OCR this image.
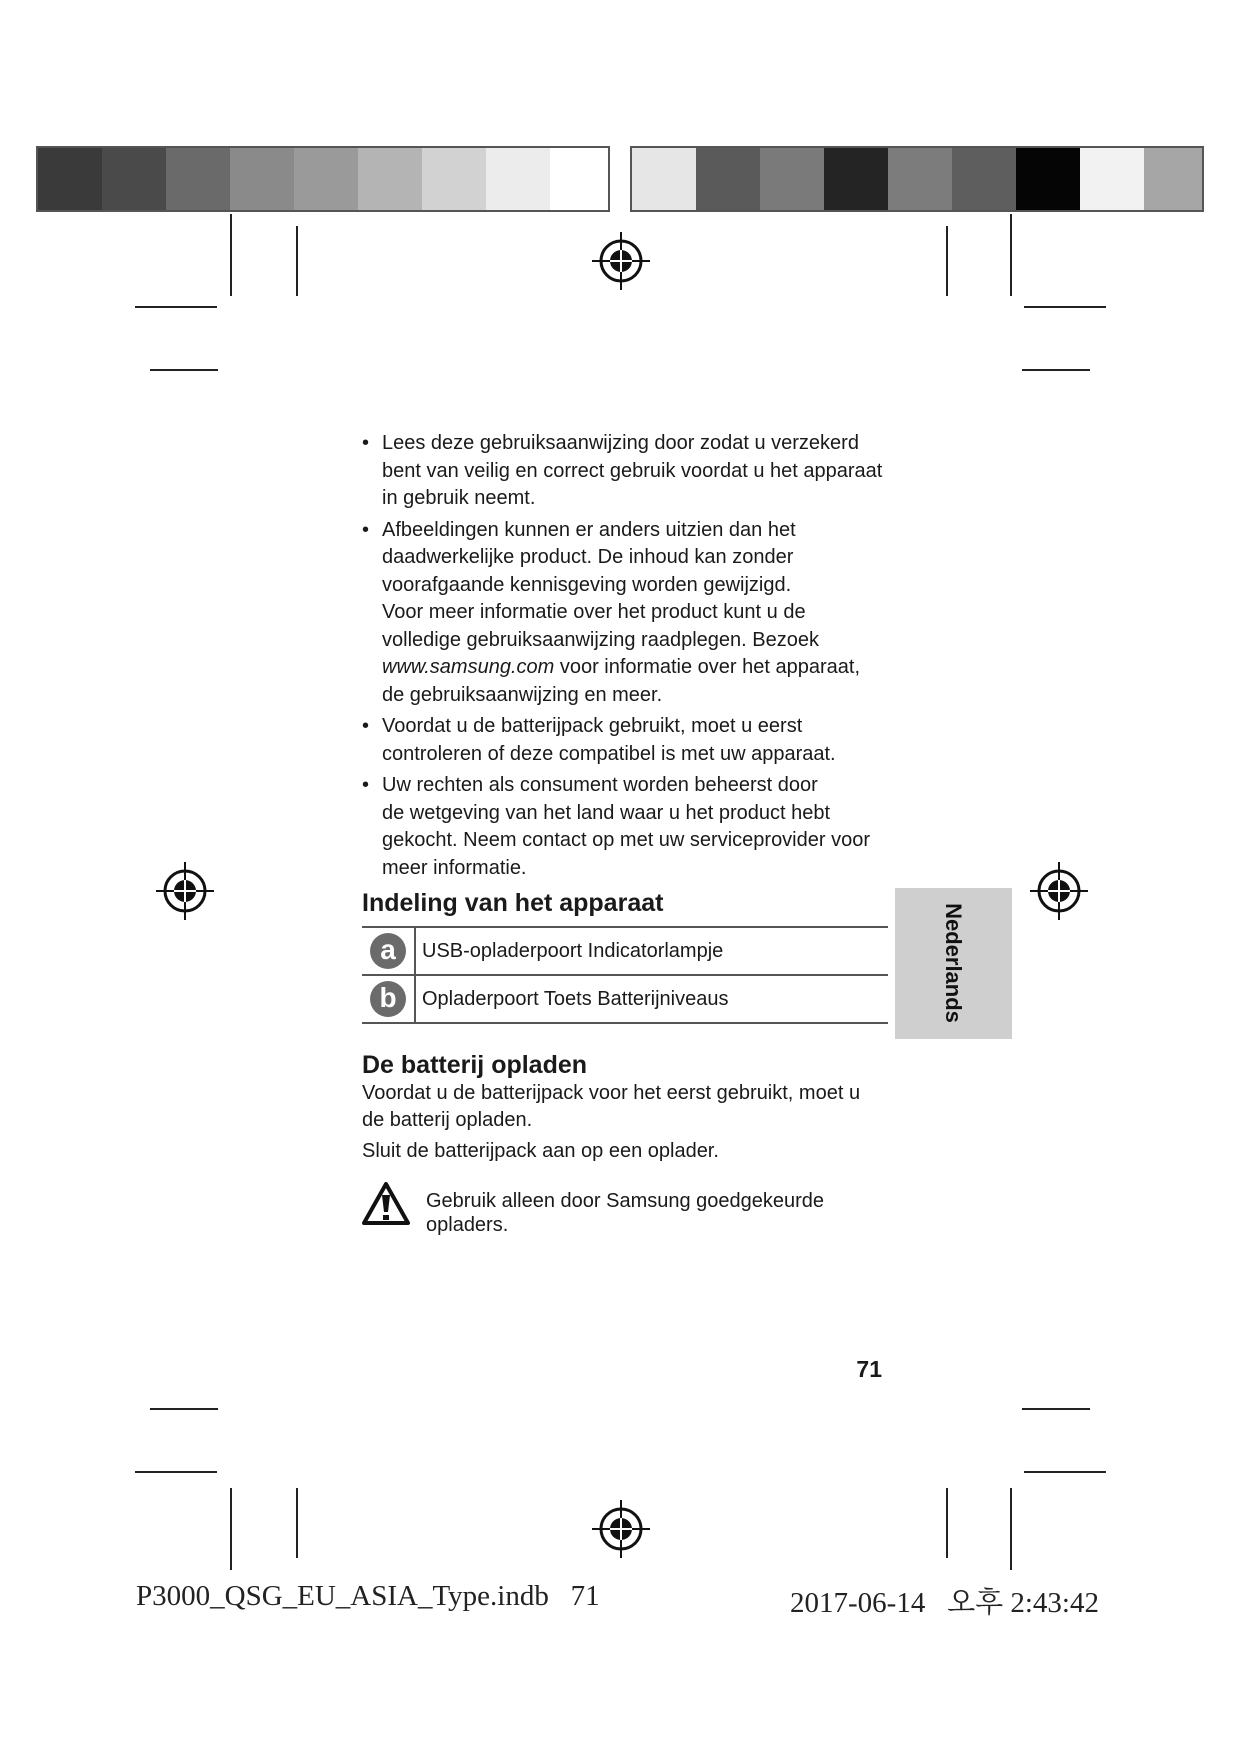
• Lees deze gebruiksaanwijzing door zodat u verzekerd
bent van veilig en correct gebruik voordat u het apparaat
in gebruik neemt.
• Afbeeldingen kunnen er anders uitzien dan het
daadwerkelijke product. De inhoud kan zonder
voorafgaande kennisgeving worden gewijzigd.
Voor meer informatie over het product kunt u de
volledige gebruiksaanwijzing raadplegen. Bezoek
www.samsung.com voor informatie over het apparaat,
de gebruiksaanwijzing en meer.
• Voordat u de batterijpack gebruikt, moet u eerst
controleren of deze compatibel is met uw apparaat.
• Uw rechten als consument worden beheerst door
de wetgeving van het land waar u het product hebt
gekocht. Neem contact op met uw serviceprovider voor
meer informatie.
Indeling van het apparaat
a	USB-opladerpoort Indicatorlampje
b	Opladerpoort Toets Batterijniveaus
De batterij opladen

Voordat u de batterijpack voor het eerst gebruikt, moet u
de batterij opladen.

Sluit de batterijpack aan op een oplader.

Gebruik alleen door Samsung goedgekeurde
opladers.
Nederlands
71
P3000_QSG_EU_ASIA_Type.indb   71	2017-06-14   오후 2:43:42
